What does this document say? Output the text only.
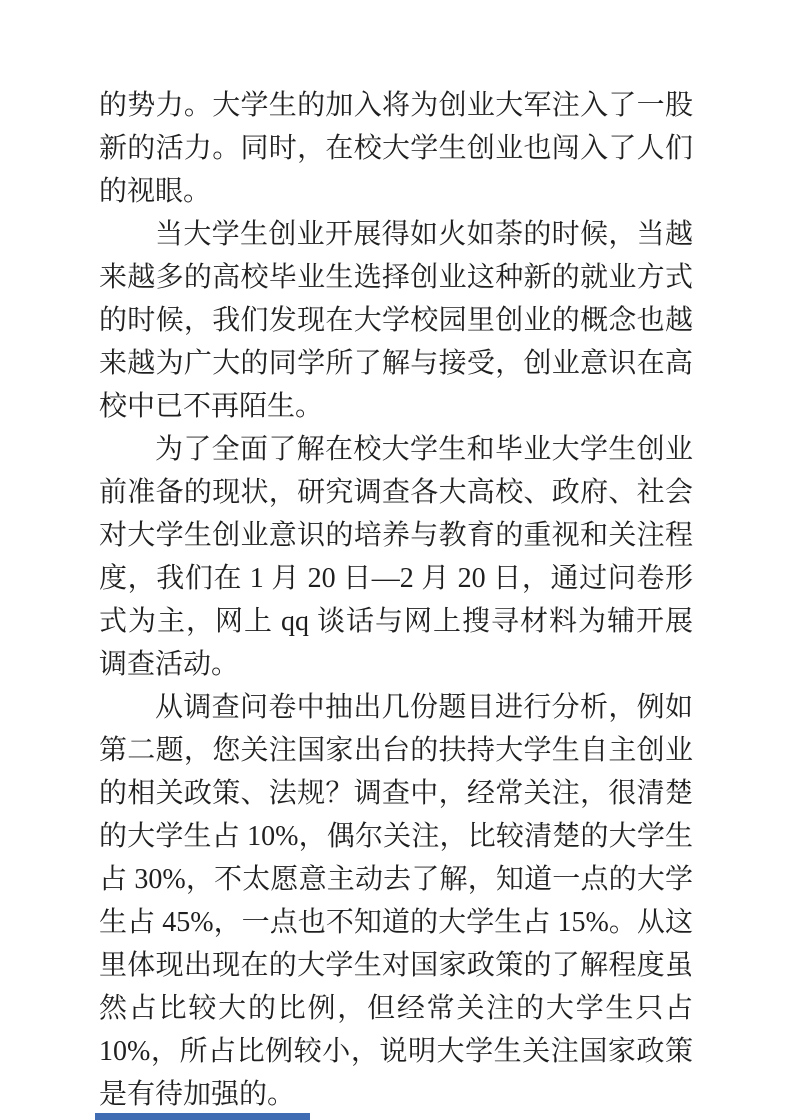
的势力。大学生的加入将为创业大军注入了一股新的活力。同时，在校大学生创业也闯入了人们的视眼。

当大学生创业开展得如火如荼的时候，当越来越多的高校毕业生选择创业这种新的就业方式的时候，我们发现在大学校园里创业的概念也越来越为广大的同学所了解与接受，创业意识在高校中已不再陌生。

为了全面了解在校大学生和毕业大学生创业前准备的现状，研究调查各大高校、政府、社会对大学生创业意识的培养与教育的重视和关注程度，我们在 1 月 20 日—2 月 20 日，通过问卷形式为主，网上 qq 谈话与网上搜寻材料为辅开展调查活动。

从调查问卷中抽出几份题目进行分析，例如第二题，您关注国家出台的扶持大学生自主创业的相关政策、法规？调查中，经常关注，很清楚的大学生占 10%，偶尔关注，比较清楚的大学生占 30%，不太愿意主动去了解，知道一点的大学生占 45%，一点也不知道的大学生占 15%。从这里体现出现在的大学生对国家政策的了解程度虽然占比较大的比例，但经常关注的大学生只占 10%，所占比例较小，说明大学生关注国家政策是有待加强的。
